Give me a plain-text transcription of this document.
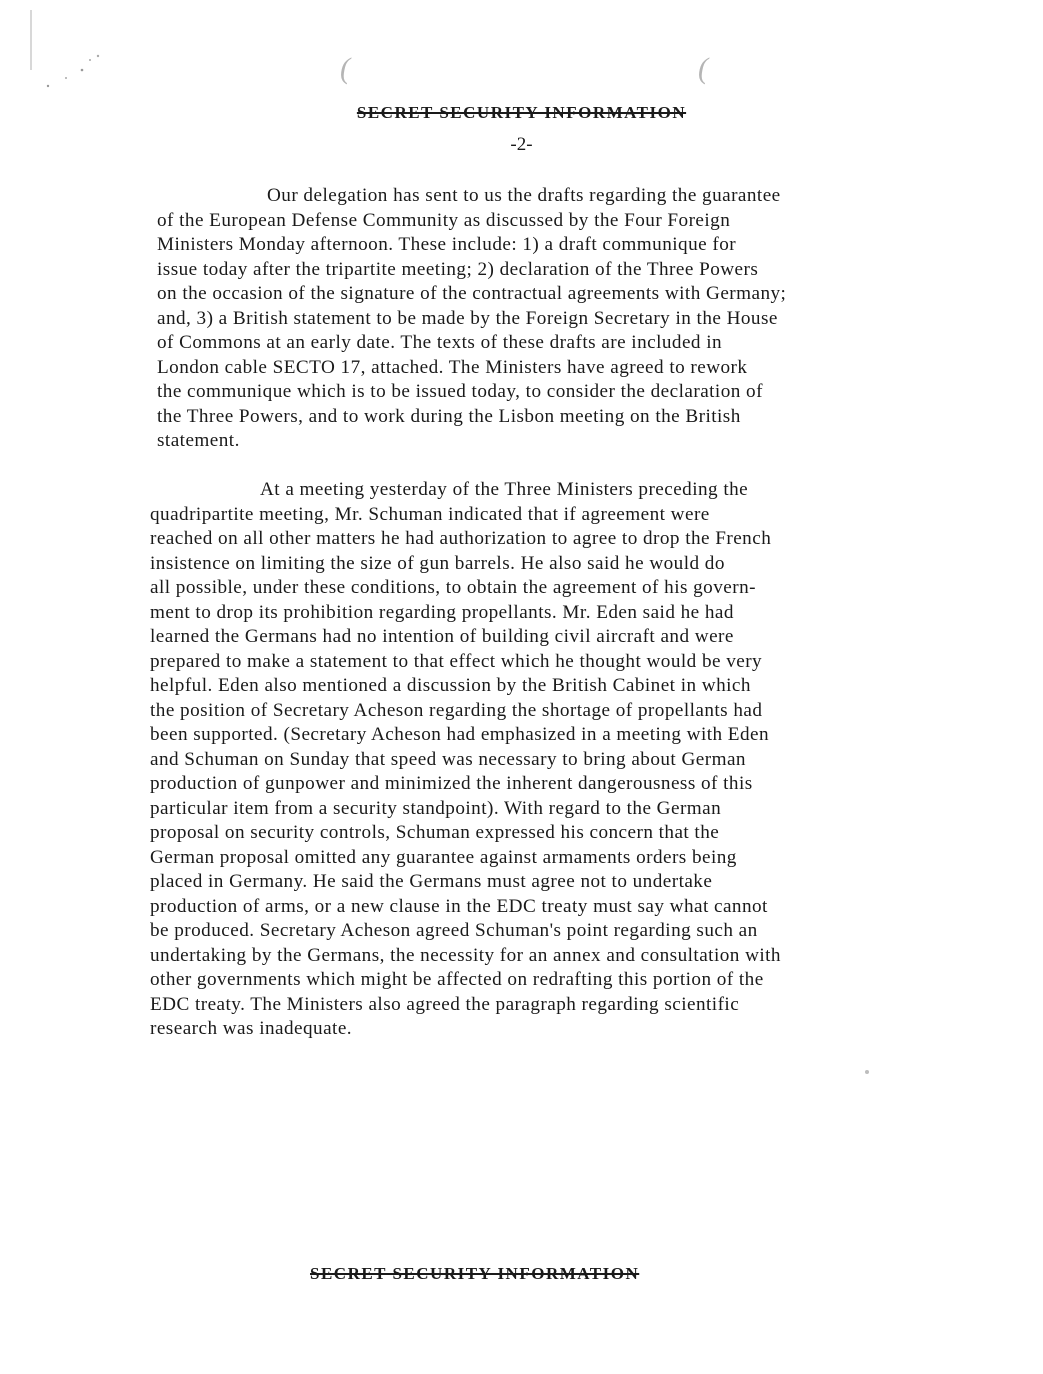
(	(
SECRET SECURITY INFORMATION
-2-

Our delegation has sent to us the drafts regarding the guarantee
of the European Defense Community as discussed by the Four Foreign
Ministers Monday afternoon. These include: 1) a draft communique for
issue today after the tripartite meeting; 2) declaration of the Three Powers
on the occasion of the signature of the contractual agreements with Germany;
and, 3) a British statement to be made by the Foreign Secretary in the House
of Commons at an early date. The texts of these drafts are included in
London cable SECTO 17, attached. The Ministers have agreed to rework
the communique which is to be issued today, to consider the declaration of
the Three Powers, and to work during the Lisbon meeting on the British
statement.

At a meeting yesterday of the Three Ministers preceding the
quadripartite meeting, Mr. Schuman indicated that if agreement were
reached on all other matters he had authorization to agree to drop the French
insistence on limiting the size of gun barrels. He also said he would do
all possible, under these conditions, to obtain the agreement of his govern-
ment to drop its prohibition regarding propellants. Mr. Eden said he had
learned the Germans had no intention of building civil aircraft and were
prepared to make a statement to that effect which he thought would be very
helpful. Eden also mentioned a discussion by the British Cabinet in which
the position of Secretary Acheson regarding the shortage of propellants had
been supported. (Secretary Acheson had emphasized in a meeting with Eden
and Schuman on Sunday that speed was necessary to bring about German
production of gunpower and minimized the inherent dangerousness of this
particular item from a security standpoint). With regard to the German
proposal on security controls, Schuman expressed his concern that the
German proposal omitted any guarantee against armaments orders being
placed in Germany. He said the Germans must agree not to undertake
production of arms, or a new clause in the EDC treaty must say what cannot
be produced. Secretary Acheson agreed Schuman's point regarding such an
undertaking by the Germans, the necessity for an annex and consultation with
other governments which might be affected on redrafting this portion of the
EDC treaty. The Ministers also agreed the paragraph regarding scientific
research was inadequate.

SECRET SECURITY INFORMATION
